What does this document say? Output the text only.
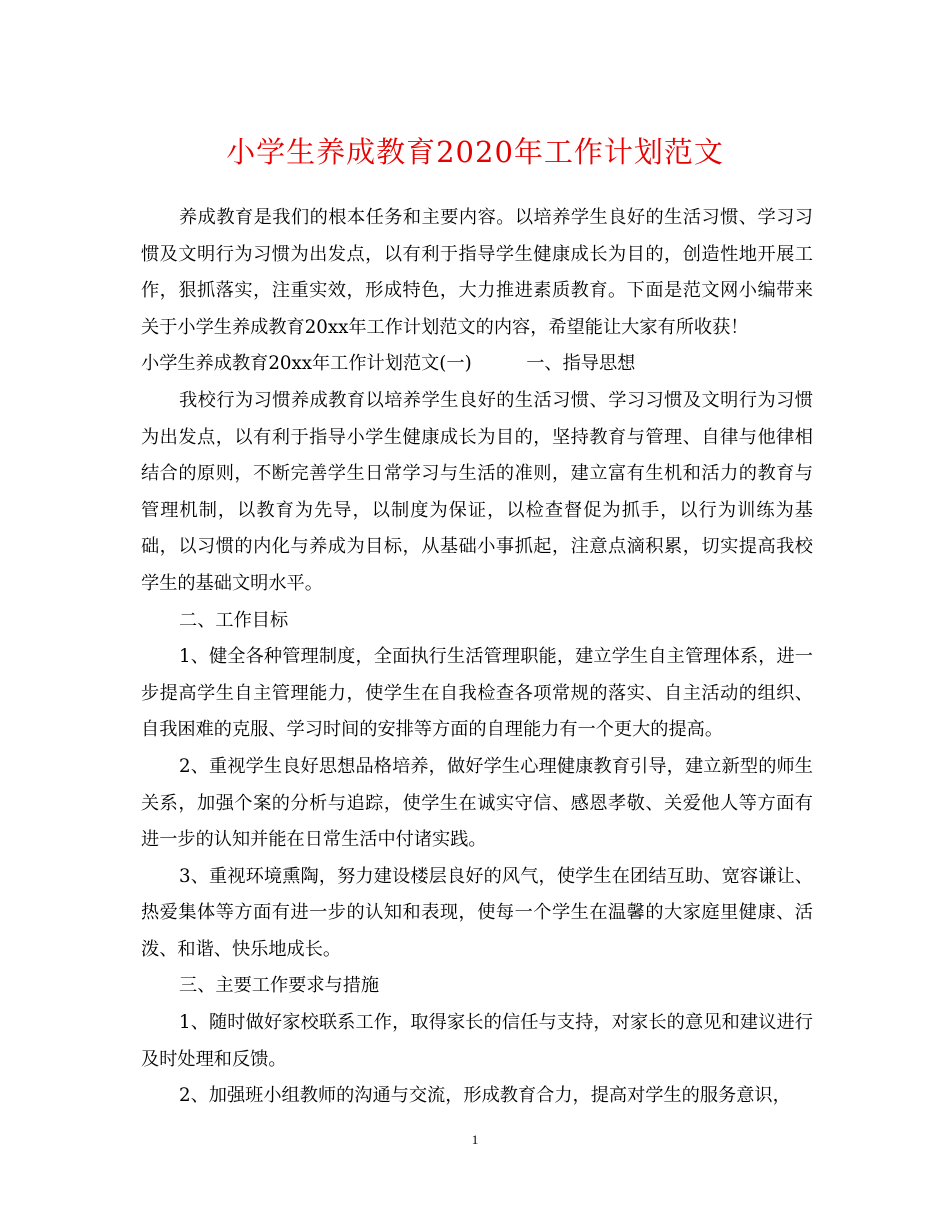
小学生养成教育2020年工作计划范文

养成教育是我们的根本任务和主要内容。以培养学生良好的生活习惯、学习习惯及文明行为习惯为出发点，以有利于指导学生健康成长为目的，创造性地开展工作，狠抓落实，注重实效，形成特色，大力推进素质教育。下面是范文网小编带来关于小学生养成教育20xx年工作计划范文的内容，希望能让大家有所收获！

小学生养成教育20xx年工作计划范文(一)　　　一、指导思想

我校行为习惯养成教育以培养学生良好的生活习惯、学习习惯及文明行为习惯为出发点，以有利于指导小学生健康成长为目的，坚持教育与管理、自律与他律相结合的原则，不断完善学生日常学习与生活的准则，建立富有生机和活力的教育与管理机制，以教育为先导，以制度为保证，以检查督促为抓手，以行为训练为基础，以习惯的内化与养成为目标，从基础小事抓起，注意点滴积累，切实提高我校学生的基础文明水平。

二、工作目标

1、健全各种管理制度，全面执行生活管理职能，建立学生自主管理体系，进一步提高学生自主管理能力，使学生在自我检查各项常规的落实、自主活动的组织、自我困难的克服、学习时间的安排等方面的自理能力有一个更大的提高。

2、重视学生良好思想品格培养，做好学生心理健康教育引导，建立新型的师生关系，加强个案的分析与追踪，使学生在诚实守信、感恩孝敬、关爱他人等方面有进一步的认知并能在日常生活中付诸实践。

3、重视环境熏陶，努力建设楼层良好的风气，使学生在团结互助、宽容谦让、热爱集体等方面有进一步的认知和表现，使每一个学生在温馨的大家庭里健康、活泼、和谐、快乐地成长。

三、主要工作要求与措施

1、随时做好家校联系工作，取得家长的信任与支持，对家长的意见和建议进行及时处理和反馈。

2、加强班小组教师的沟通与交流，形成教育合力，提高对学生的服务意识，

1
